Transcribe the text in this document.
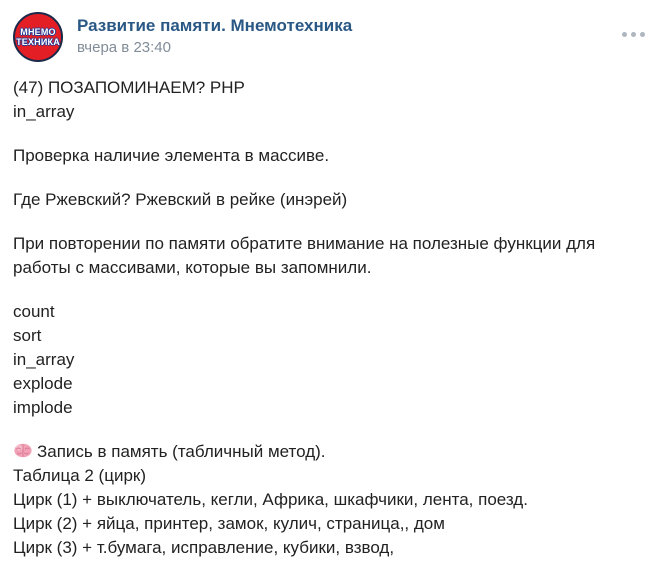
МНЕМО
ТЕХНИКА
Развитие памяти. Мнемотехника
вчера в 23:40
(47) ПОЗАПОМИНАЕМ? PHP
in_array
Проверка наличие элемента в массиве.
Где Ржевский? Ржевский в рейке (инэрей)
При повторении по памяти обратите внимание на полезные функции для работы с массивами, которые вы запомнили.
count
sort
in_array
explode
implode
Запись в память (табличный метод).
Таблица 2 (цирк)
Цирк (1) + выключатель, кегли, Африка, шкафчики, лента, поезд.
Цирк (2) + яйца, принтер, замок, кулич, страница,, дом
Цирк (3) + т.бумага, исправление, кубики, взвод,
